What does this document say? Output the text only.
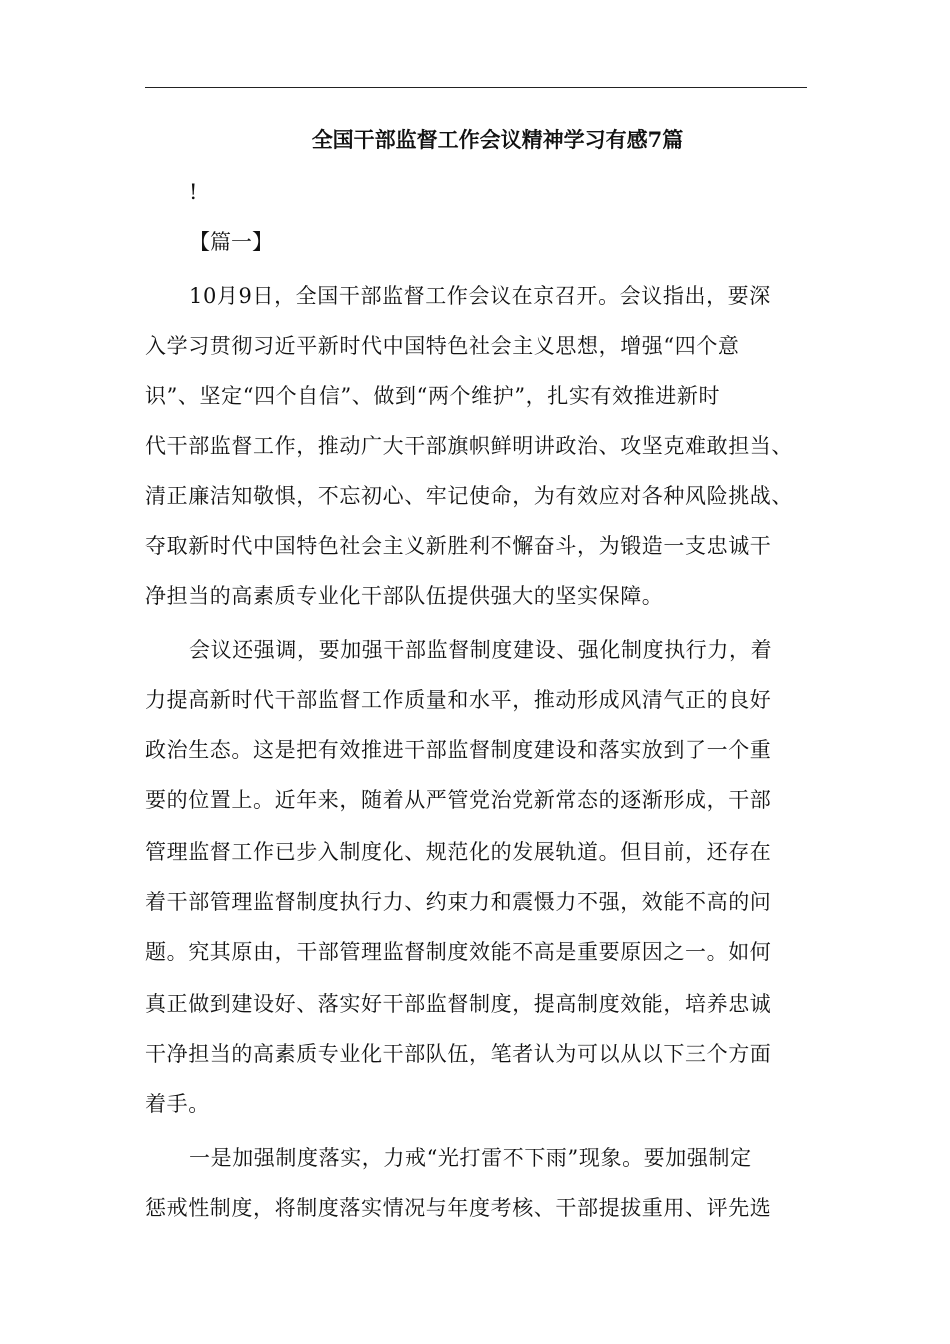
全国干部监督工作会议精神学习有感7篇
!
【篇一】
10月9日，全国干部监督工作会议在京召开。会议指出，要深
入学习贯彻习近平新时代中国特色社会主义思想，增强“四个意
识”、坚定“四个自信”、做到“两个维护”，扎实有效推进新时
代干部监督工作，推动广大干部旗帜鲜明讲政治、攻坚克难敢担当、
清正廉洁知敬惧，不忘初心、牢记使命，为有效应对各种风险挑战、
夺取新时代中国特色社会主义新胜利不懈奋斗，为锻造一支忠诚干
净担当的高素质专业化干部队伍提供强大的坚实保障。
会议还强调，要加强干部监督制度建设、强化制度执行力，着
力提高新时代干部监督工作质量和水平，推动形成风清气正的良好
政治生态。这是把有效推进干部监督制度建设和落实放到了一个重
要的位置上。近年来，随着从严管党治党新常态的逐渐形成，干部
管理监督工作已步入制度化、规范化的发展轨道。但目前，还存在
着干部管理监督制度执行力、约束力和震慑力不强，效能不高的问
题。究其原由，干部管理监督制度效能不高是重要原因之一。如何
真正做到建设好、落实好干部监督制度，提高制度效能，培养忠诚
干净担当的高素质专业化干部队伍，笔者认为可以从以下三个方面
着手。
一是加强制度落实，力戒“光打雷不下雨”现象。要加强制定
惩戒性制度，将制度落实情况与年度考核、干部提拔重用、评先选
